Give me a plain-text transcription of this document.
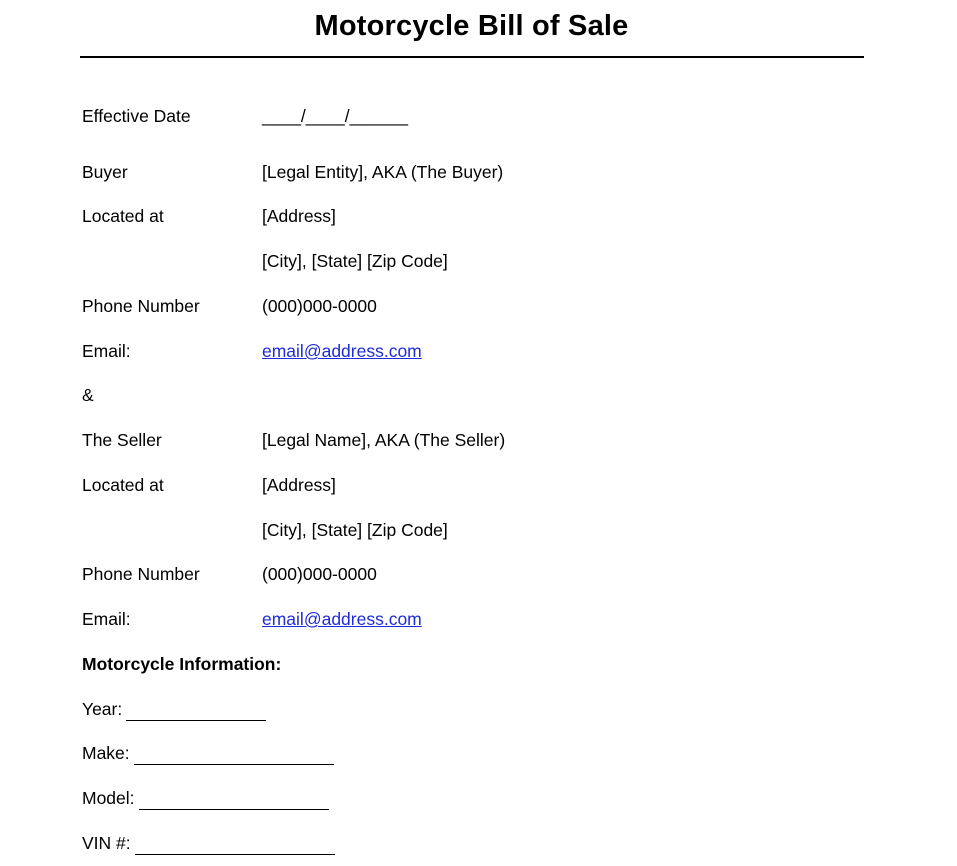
Motorcycle Bill of Sale
Effective Date	____/____/______
Buyer	[Legal Entity], AKA (The Buyer)
Located at	[Address]
[City], [State] [Zip Code]
Phone Number	(000)000-0000
Email:	email@address.com
&
The Seller	[Legal Name], AKA (The Seller)
Located at	[Address]
[City], [State] [Zip Code]
Phone Number	(000)000-0000
Email:	email@address.com
Motorcycle Information:
Year:
Make:
Model:
VIN #:
